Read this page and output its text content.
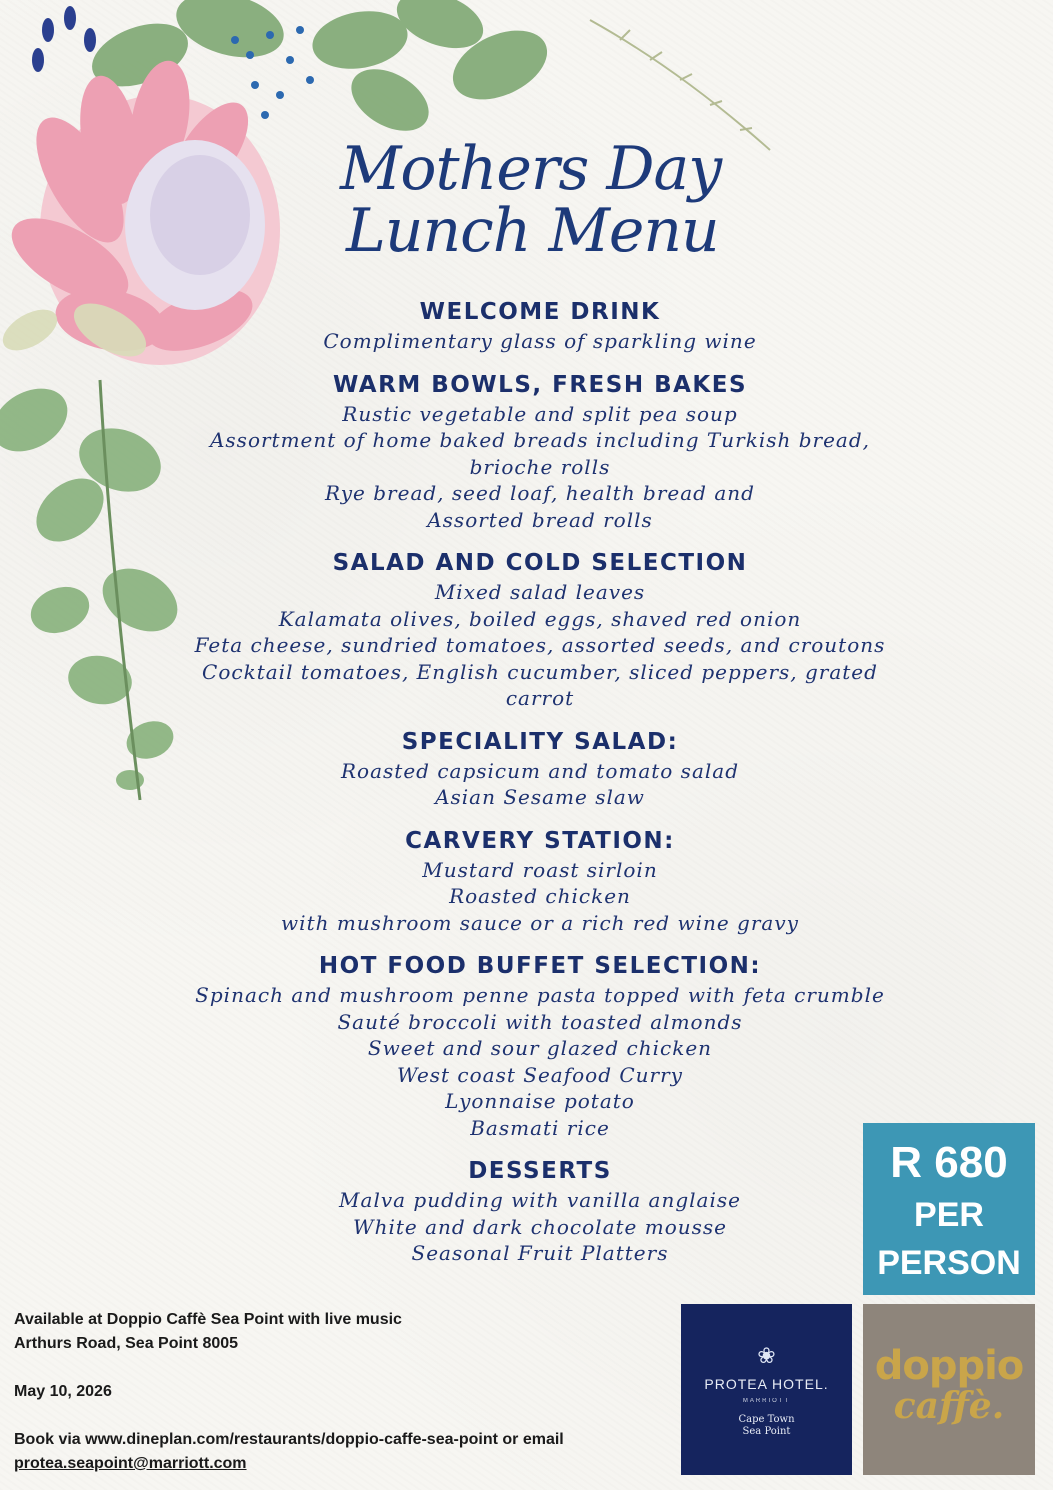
Mothers Day
Lunch Menu
WELCOME DRINK
Complimentary glass of sparkling wine
WARM BOWLS, FRESH BAKES
Rustic vegetable and split pea soup
Assortment of home baked breads including Turkish bread,
brioche rolls
Rye bread, seed loaf, health bread and
Assorted bread rolls
SALAD AND COLD SELECTION
Mixed salad leaves
Kalamata olives, boiled eggs, shaved red onion
Feta cheese, sundried tomatoes, assorted seeds, and croutons
Cocktail tomatoes, English cucumber, sliced peppers, grated
carrot
SPECIALITY SALAD:
Roasted capsicum and tomato salad
Asian Sesame slaw
CARVERY STATION:
Mustard roast sirloin
Roasted chicken
with mushroom sauce or a rich red wine gravy
HOT FOOD BUFFET SELECTION:
Spinach and mushroom penne pasta topped with feta crumble
Sauté broccoli with toasted almonds
Sweet and sour glazed chicken
West coast Seafood Curry
Lyonnaise potato
Basmati rice
DESSERTS
Malva pudding with vanilla anglaise
White and dark chocolate mousse
Seasonal Fruit Platters
Available at Doppio Caffè Sea Point with live music
Arthurs Road, Sea Point 8005
May 10, 2026
Book via www.dineplan.com/restaurants/doppio-caffe-sea-point or email
protea.seapoint@marriott.com
R 680
PER
PERSON
❀
PROTEA HOTEL.
MARRIOTT
Cape Town
Sea Point
doppio
caffè.
